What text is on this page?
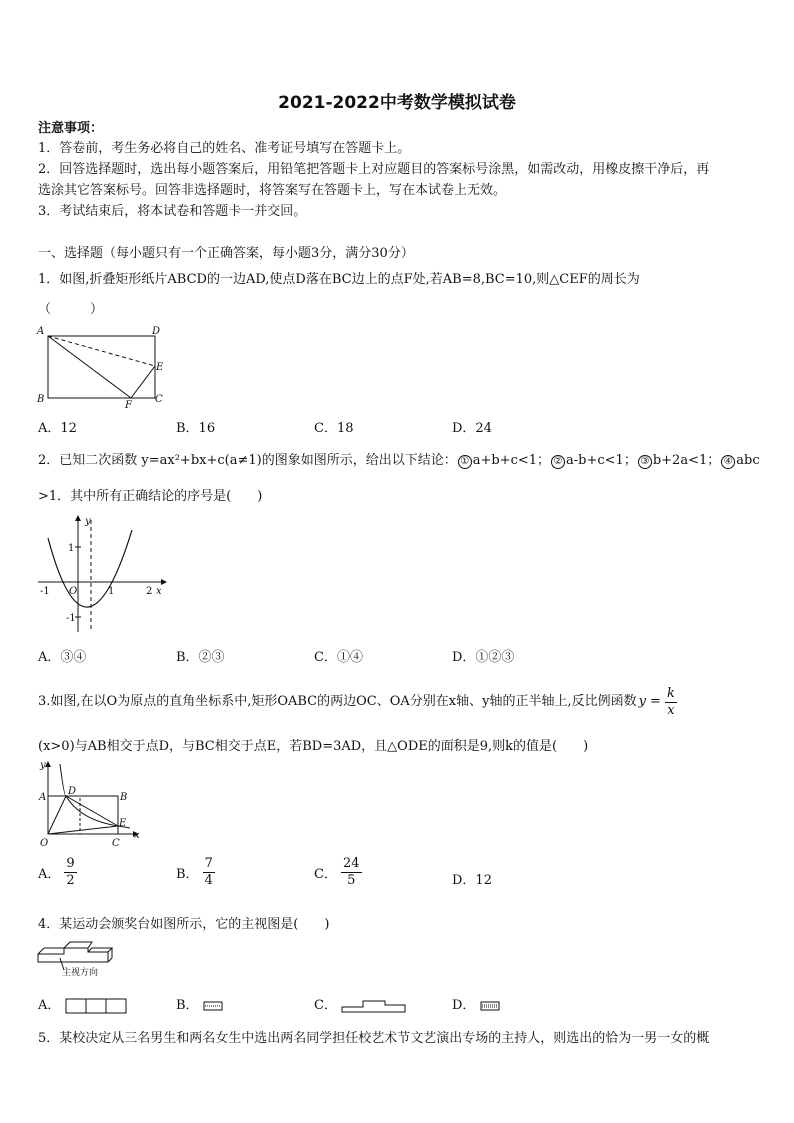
2021-2022中考数学模拟试卷
注意事项：
1．答卷前，考生务必将自己的姓名、准考证号填写在答题卡上。
2．回答选择题时，选出每小题答案后，用铅笔把答题卡上对应题目的答案标号涂黑，如需改动，用橡皮擦干净后，再
选涂其它答案标号。回答非选择题时，将答案写在答题卡上，写在本试卷上无效。
3．考试结束后，将本试卷和答题卡一并交回。
一、选择题（每小题只有一个正确答案，每小题3分，满分30分）
1．如图,折叠矩形纸片ABCD的一边AD,使点D落在BC边上的点F处,若AB=8,BC=10,则△CEF的周长为
（　　　）
A	D
E
B
F
C
A．12	B．16	C．18	D．24
2．已知二次函数 y=ax²+bx+c(a≠1)的图象如图所示，给出以下结论： ① a+b+c<1； ② a-b+c<1； ③ b+2a<1； ④ abc
>1．其中所有正确结论的序号是(　　)
y
x
1
-1 O	1	2
-1
A．③④	B．②③	C．①④	D．①②③
3.如图,在以O为原点的直角坐标系中,矩形OABC的两边OC、OA分别在x轴、y轴的正半轴上,反比例函数 $y = \frac{k}{x}$
(x>0)与AB相交于点D，与BC相交于点E，若BD=3AD，且△ODE的面积是9,则k的值是(　　)
y
A
D
B
E
O	C
x
A． $\frac{9}{2}$	B． $\frac{7}{4}$	C． $\frac{24}{5}$	D．12
4．某运动会颁奖台如图所示，它的主视图是(　　)
主视方向
A．	B．	C．	D．
5．某校决定从三名男生和两名女生中选出两名同学担任校艺术节文艺演出专场的主持人，则选出的恰为一男一女的概
